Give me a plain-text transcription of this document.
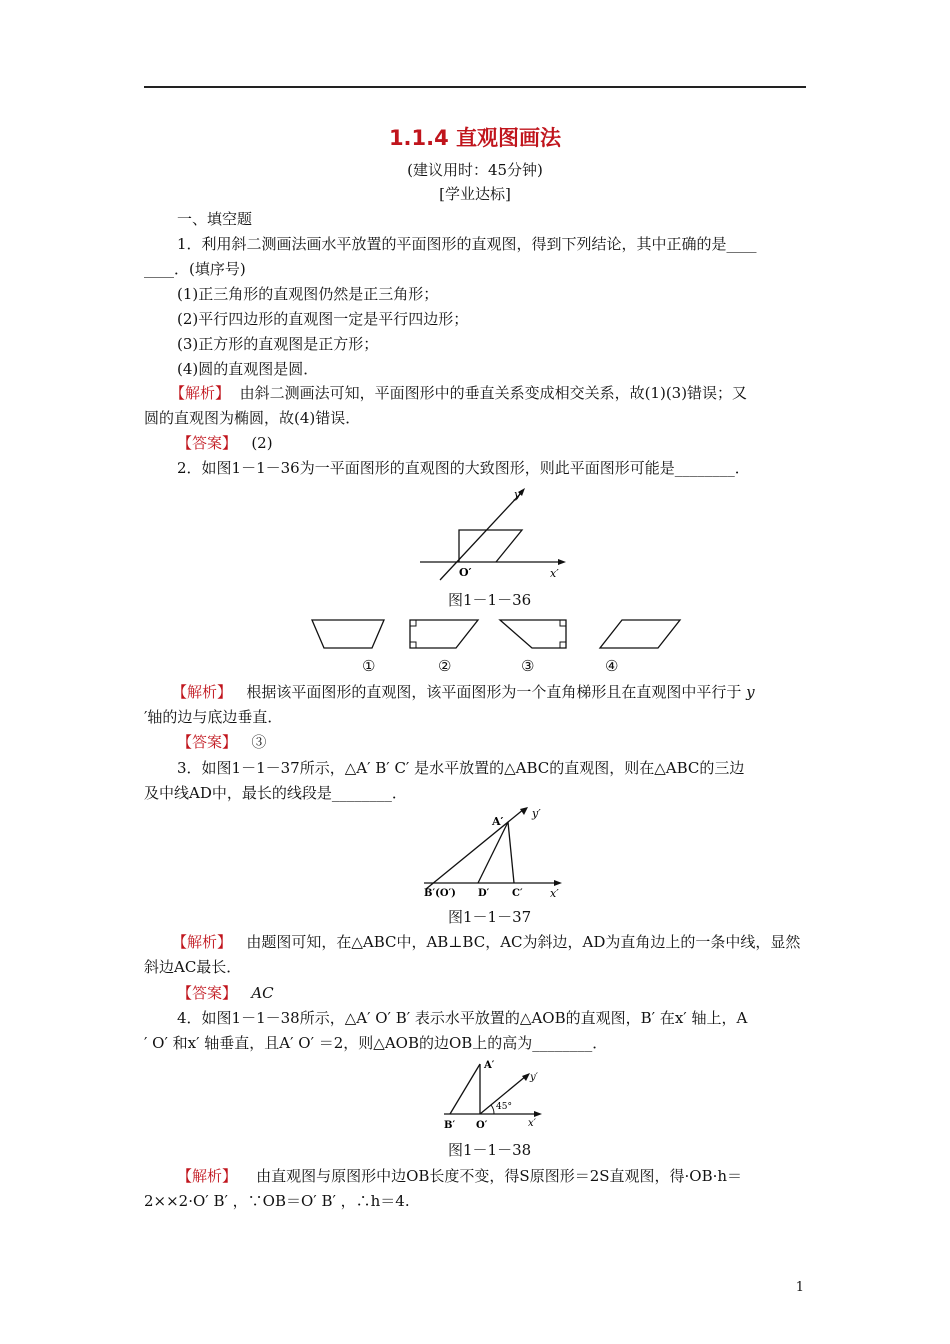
1.1.4 直观图画法
(建议用时：45分钟)
[学业达标]
一、填空题
1．利用斜二测画法画水平放置的平面图形的直观图，得到下列结论，其中正确的是____
____．(填序号)
(1)正三角形的直观图仍然是正三角形；
(2)平行四边形的直观图一定是平行四边形；
(3)正方形的直观图是正方形；
(4)圆的直观图是圆．
【解析】 由斜二测画法可知，平面图形中的垂直关系变成相交关系，故(1)(3)错误；又
圆的直观图为椭圆，故(4)错误．
【答案】 (2)
2．如图1－1－36为一平面图形的直观图的大致图形，则此平面图形可能是________．
O′	x′
y′
图1－1－36
①	②	③	④
【解析】 根据该平面图形的直观图，该平面图形为一个直角梯形且在直观图中平行于 y
′轴的边与底边垂直．
【答案】 ③
3．如图1－1－37所示，△A′ B′ C′ 是水平放置的△ABC的直观图，则在△ABC的三边
及中线AD中，最长的线段是________．
A′
B′(O′) D′ C′ x′
y′
图1－1－37
【解析】 由题图可知，在△ABC中，AB⊥BC，AC为斜边，AD为直角边上的一条中线，显然
斜边AC最长．
【答案】 AC
4．如图1－1－38所示，△A′ O′ B′ 表示水平放置的△AOB的直观图，B′ 在x′ 轴上，A
′ O′ 和x′ 轴垂直，且A′ O′ ＝2，则△AOB的边OB上的高为________．
A′
B′ O′	x′
y′
45°
图1－1－38
【解析】 由直观图与原图形中边OB长度不变，得S原图形＝2S直观图，得·OB·h＝
2××2·O′ B′ ，∵OB＝O′ B′ ，∴h＝4.
1
